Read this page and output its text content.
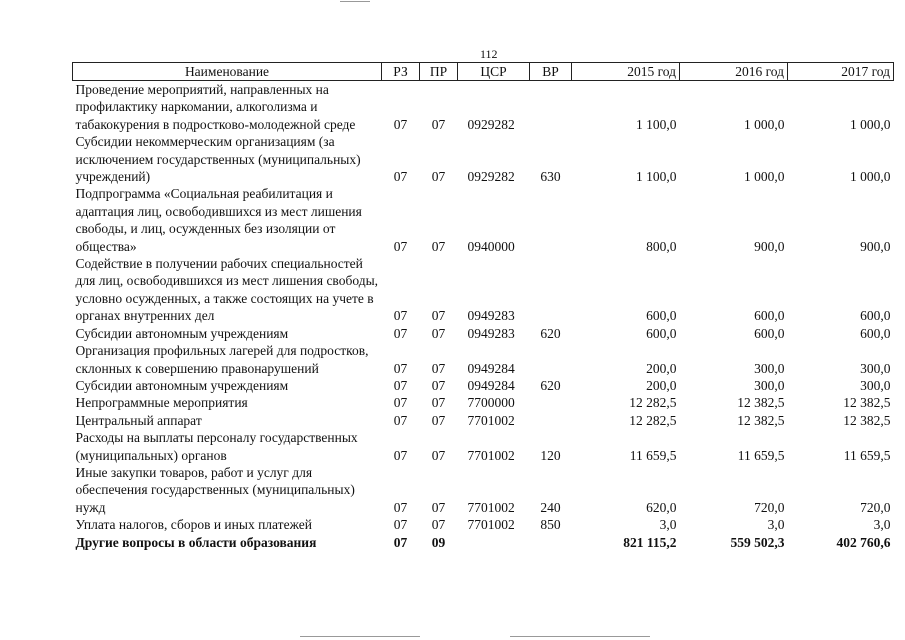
112
Наименование	РЗ	ПР	ЦСР	ВР	2015 год	2016 год	2017 год
Проведение мероприятий, направленных на профилактику наркомании, алкоголизма и табакокурения в подростково-молодежной среде	07	07	0929282		1 100,0	1 000,0	1 000,0
Субсидии некоммерческим организациям (за исключением государственных (муниципальных) учреждений)	07	07	0929282	630	1 100,0	1 000,0	1 000,0
Подпрограмма «Социальная реабилитация и адаптация лиц, освободившихся из мест лишения свободы, и лиц, осужденных без изоляции от общества»	07	07	0940000		800,0	900,0	900,0
Содействие в получении рабочих специальностей для лиц, освободившихся из мест лишения свободы, условно осужденных, а также состоящих на учете в органах внутренних дел	07	07	0949283		600,0	600,0	600,0
Субсидии автономным учреждениям	07	07	0949283	620	600,0	600,0	600,0
Организация профильных лагерей для подростков, склонных к совершению правонарушений	07	07	0949284		200,0	300,0	300,0
Субсидии автономным учреждениям	07	07	0949284	620	200,0	300,0	300,0
Непрограммные мероприятия	07	07	7700000		12 282,5	12 382,5	12 382,5
Центральный аппарат	07	07	7701002		12 282,5	12 382,5	12 382,5
Расходы на выплаты персоналу государственных (муниципальных) органов	07	07	7701002	120	11 659,5	11 659,5	11 659,5
Иные закупки товаров, работ и услуг для обеспечения государственных (муниципальных) нужд	07	07	7701002	240	620,0	720,0	720,0
Уплата налогов, сборов и иных платежей	07	07	7701002	850	3,0	3,0	3,0
Другие вопросы в области образования	07	09			821 115,2	559 502,3	402 760,6
